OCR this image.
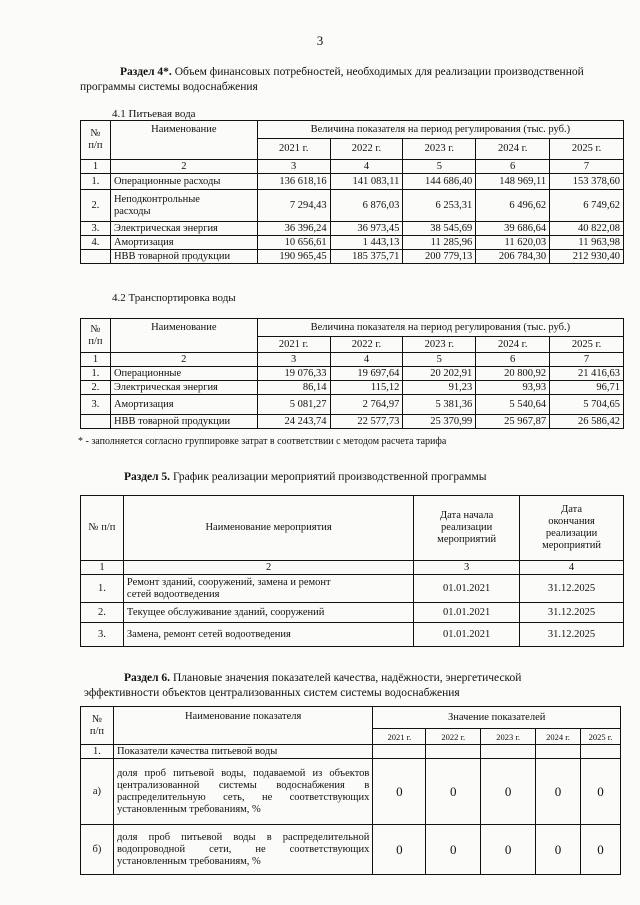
3
Раздел 4*. Объем финансовых потребностей, необходимых для реализации производственной
программы системы водоснабжения
4.1 Питьевая вода
№
п/п	Наименование	Величина показателя на период регулирования (тыс. руб.)				
		2021 г.	2022 г.	2023 г.	2024 г.	2025 г.
1	2	3	4	5	6	7
1.	Операционные расходы	136 618,16	141 083,11	144 686,40	148 969,11	153 378,60
2.	Неподконтрольные
расходы	7 294,43	6 876,03	6 253,31	6 496,62	6 749,62
3.	Электрическая энергия	36 396,24	36 973,45	38 545,69	39 686,64	40 822,08
4.	Амортизация	10 656,61	1 443,13	11 285,96	11 620,03	11 963,98
	НВВ товарной продукции	190 965,45	185 375,71	200 779,13	206 784,30	212 930,40
4.2 Транспортировка воды
№
п/п	Наименование	Величина показателя на период регулирования (тыс. руб.)				
		2021 г.	2022 г.	2023 г.	2024 г.	2025 г.
1	2	3	4	5	6	7
1.	Операционные	19 076,33	19 697,64	20 202,91	20 800,92	21 416,63
2.	Электрическая энергия	86,14	115,12	91,23	93,93	96,71
3.	Амортизация	5 081,27	2 764,97	5 381,36	5 540,64	5 704,65
	НВВ товарной продукции	24 243,74	22 577,73	25 370,99	25 967,87	26 586,42
* - заполняется согласно группировке затрат в соответствии с методом расчета тарифа
Раздел 5. График реализации мероприятий производственной программы
№ п/п	Наименование мероприятия	Дата начала
реализации
мероприятий	Дата
окончания
реализации
мероприятий

1	2	3	4
1.	Ремонт зданий, сооружений, замена и ремонт
сетей водоотведения	01.01.2021	31.12.2025
2.	Текущее обслуживание зданий, сооружений	01.01.2021	31.12.2025
3.	Замена, ремонт сетей водоотведения	01.01.2021	31.12.2025
Раздел 6. Плановые значения показателей качества, надёжности, энергетической
эффективности объектов централизованных систем системы водоснабжения
№
п/п	Наименование показателя	Значение показателей				
		2021 г.	2022 г.	2023 г.	2024 г.	2025 г.
1.	Показатели качества питьевой воды					
а)	доля проб питьевой воды, подаваемой из объектов централизованной системы водоснабжения в распределительную сеть, не соответствующих установленным требованиям, %	0	0	0	0	0
б)	доля проб питьевой воды в распределительной водопроводной сети, не соответствующих установленным требованиям, %	0	0	0	0	0
